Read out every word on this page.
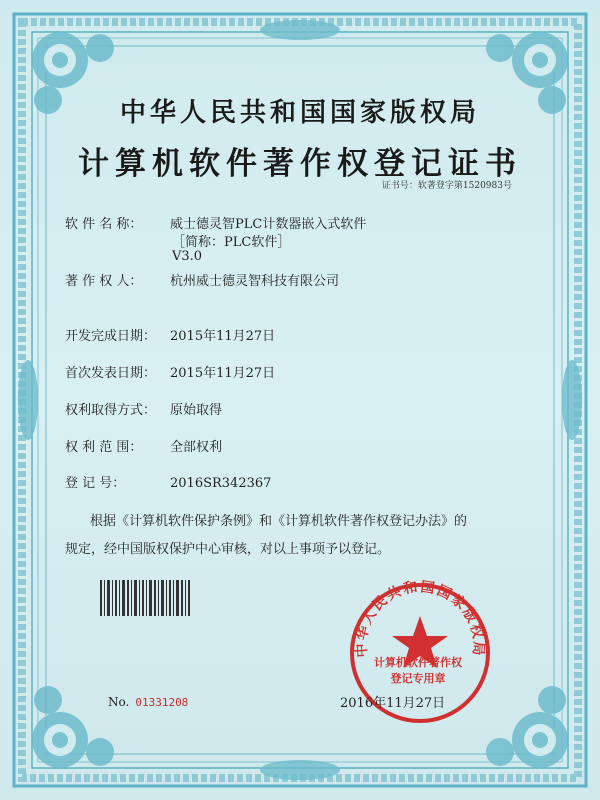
中华人民共和国国家版权局
计算机软件著作权登记证书
证书号：软著登字第1520983号
软 件 名 称： 威士德灵智PLC计数器嵌入式软件
［简称：PLC软件］
V3.0
著 作 权 人： 杭州威士德灵智科技有限公司
开发完成日期： 2015年11月27日
首次发表日期： 2015年11月27日
权利取得方式： 原始取得
权 利 范 围： 全部权利
登 记 号：	2016SR342367
根据《计算机软件保护条例》和《计算机软件著作权登记办法》的
规定，经中国版权保护中心审核，对以上事项予以登记。
No. 01331208
中华人民共和国国家版权局
计算机软件著作权
登记专用章
2016年11月27日
